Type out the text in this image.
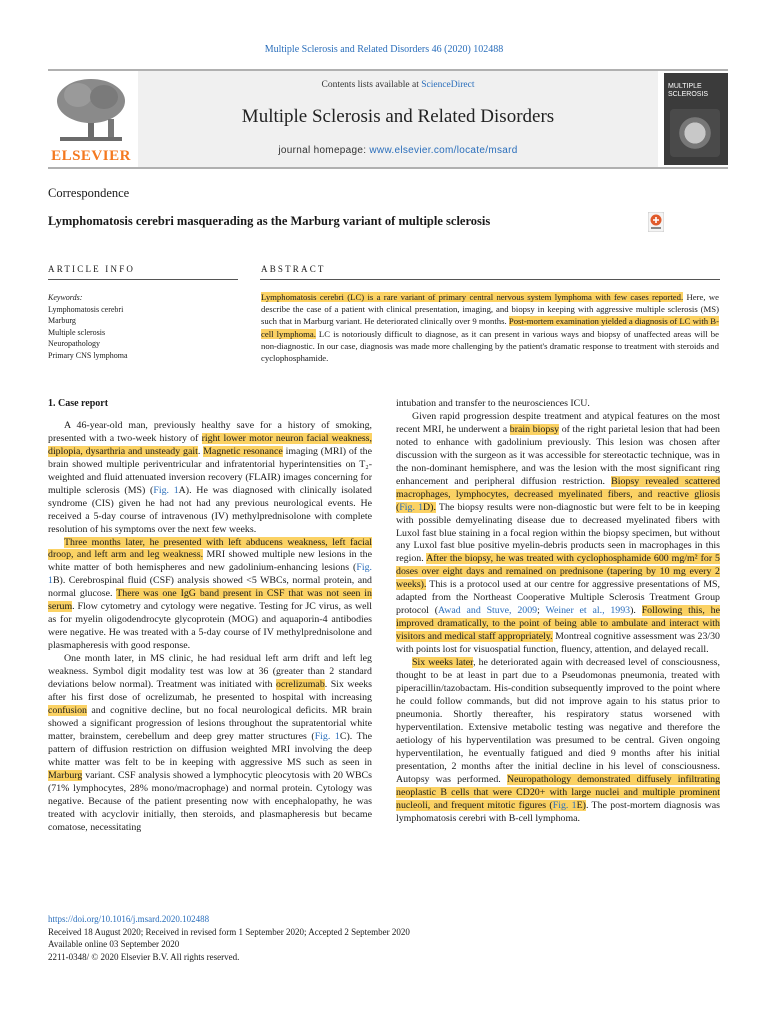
Multiple Sclerosis and Related Disorders 46 (2020) 102488
ELSEVIER
Contents lists available at ScienceDirect
Multiple Sclerosis and Related Disorders
journal homepage: www.elsevier.com/locate/msard
MULTIPLE SCLEROSIS
Correspondence
Lymphomatosis cerebri masquerading as the Marburg variant of multiple sclerosis
ARTICLE INFO	ABSTRACT
Keywords:
Lymphomatosis cerebri
Marburg
Multiple sclerosis
Neuropathology
Primary CNS lymphoma
Lymphomatosis cerebri (LC) is a rare variant of primary central nervous system lymphoma with few cases reported. Here, we describe the case of a patient with clinical presentation, imaging, and biopsy in keeping with aggressive multiple sclerosis (MS) such that in Marburg variant. He deteriorated clinically over 9 months. Post-mortem examination yielded a diagnosis of LC with B-cell lymphoma. LC is notoriously difficult to diagnose, as it can present in various ways and biopsy of unaffected areas will be non-diagnostic. In our case, diagnosis was made more challenging by the patient's dramatic response to treatment with steroids and cyclophosphamide.

1. Case report

A 46-year-old man, previously healthy save for a history of smoking, presented with a two-week history of right lower motor neuron facial weakness, diplopia, dysarthria and unsteady gait. Magnetic resonance imaging (MRI) of the brain showed multiple periventricular and infratentorial hyperintensities on T₂-weighted and fluid attenuated inversion recovery (FLAIR) images concerning for multiple sclerosis (MS) (Fig. 1A). He was diagnosed with clinically isolated syndrome (CIS) given he had not had any previous neurological events. He received a 5-day course of intravenous (IV) methylprednisolone with complete resolution of his symptoms over the next few weeks.

Three months later, he presented with left abducens weakness, left facial droop, and left arm and leg weakness. MRI showed multiple new lesions in the white matter of both hemispheres and new gadolinium-enhancing lesions (Fig. 1B). Cerebrospinal fluid (CSF) analysis showed <5 WBCs, normal protein, and normal glucose. There was one IgG band present in CSF that was not seen in serum. Flow cytometry and cytology were negative. Testing for JC virus, as well as for myelin oligodendrocyte glycoprotein (MOG) and aquaporin-4 antibodies were negative. He was treated with a 5-day course of IV methylprednisolone and plasmapheresis with good response.

One month later, in MS clinic, he had residual left arm drift and left leg weakness. Symbol digit modality test was low at 36 (greater than 2 standard deviations below normal). Treatment was initiated with ocrelizumab. Six weeks after his first dose of ocrelizumab, he presented to hospital with increasing confusion and cognitive decline, but no focal neurological deficits. MR brain showed a significant progression of lesions throughout the supratentorial white matter, brainstem, cerebellum and deep grey matter structures (Fig. 1C). The pattern of diffusion restriction on diffusion weighted MRI involving the deep white matter was felt to be in keeping with aggressive MS such as seen in Marburg variant. CSF analysis showed a lymphocytic pleocytosis with 20 WBCs (71% lymphocytes, 28% mono/macrophage) and normal protein. Cytology was negative. Because of the patient presenting now with encephalopathy, he was treated with acyclovir initially, then steroids, and plasmapheresis but became comatose, necessitating

intubation and transfer to the neurosciences ICU.

Given rapid progression despite treatment and atypical features on the most recent MRI, he underwent a brain biopsy of the right parietal lesion that had been noted to enhance with gadolinium previously. This lesion was chosen after discussion with the surgeon as it was accessible for stereotactic technique, was in the non-dominant hemisphere, and was the lesion with the most significant ring enhancement and peripheral diffusion restriction. Biopsy revealed scattered macrophages, lymphocytes, decreased myelinated fibers, and reactive gliosis (Fig. 1D). The biopsy results were non-diagnostic but were felt to be in keeping with possible demyelinating disease due to decreased myelinated fibers with Luxol fast blue staining in a focal region within the biopsy specimen, but without any Luxol fast blue positive myelin-debris products seen in macrophages in this region. After the biopsy, he was treated with cyclophosphamide 600 mg/m² for 5 doses over eight days and remained on prednisone (tapering by 10 mg every 2 weeks). This is a protocol used at our centre for aggressive presentations of MS, adapted from the Northeast Cooperative Multiple Sclerosis Treatment Group protocol (Awad and Stuve, 2009; Weiner et al., 1993). Following this, he improved dramatically, to the point of being able to ambulate and interact with visitors and medical staff appropriately. Montreal cognitive assessment was 23/30 with points lost for visuospatial function, fluency, attention, and delayed recall.

Six weeks later, he deteriorated again with decreased level of consciousness, thought to be at least in part due to a Pseudomonas pneumonia, treated with piperacillin/tazobactam. His-condition subsequently improved to the point where he could follow commands, but did not improve again to his status prior to pneumonia. Shortly thereafter, his respiratory status worsened with hyperventilation. Extensive metabolic testing was negative and therefore the aetiology of his hyperventilation was presumed to be central. Given ongoing hyperventilation, he eventually fatigued and died 9 months after his initial presentation, 2 months after the initial decline in his level of consciousness. Autopsy was performed. Neuropathology demonstrated diffusely infiltrating neoplastic B cells that were CD20+ with large nuclei and multiple prominent nucleoli, and frequent mitotic figures (Fig. 1E). The post-mortem diagnosis was lymphomatosis cerebri with B-cell lymphoma.

https://doi.org/10.1016/j.msard.2020.102488
Received 18 August 2020; Received in revised form 1 September 2020; Accepted 2 September 2020
Available online 03 September 2020
2211-0348/ © 2020 Elsevier B.V. All rights reserved.
